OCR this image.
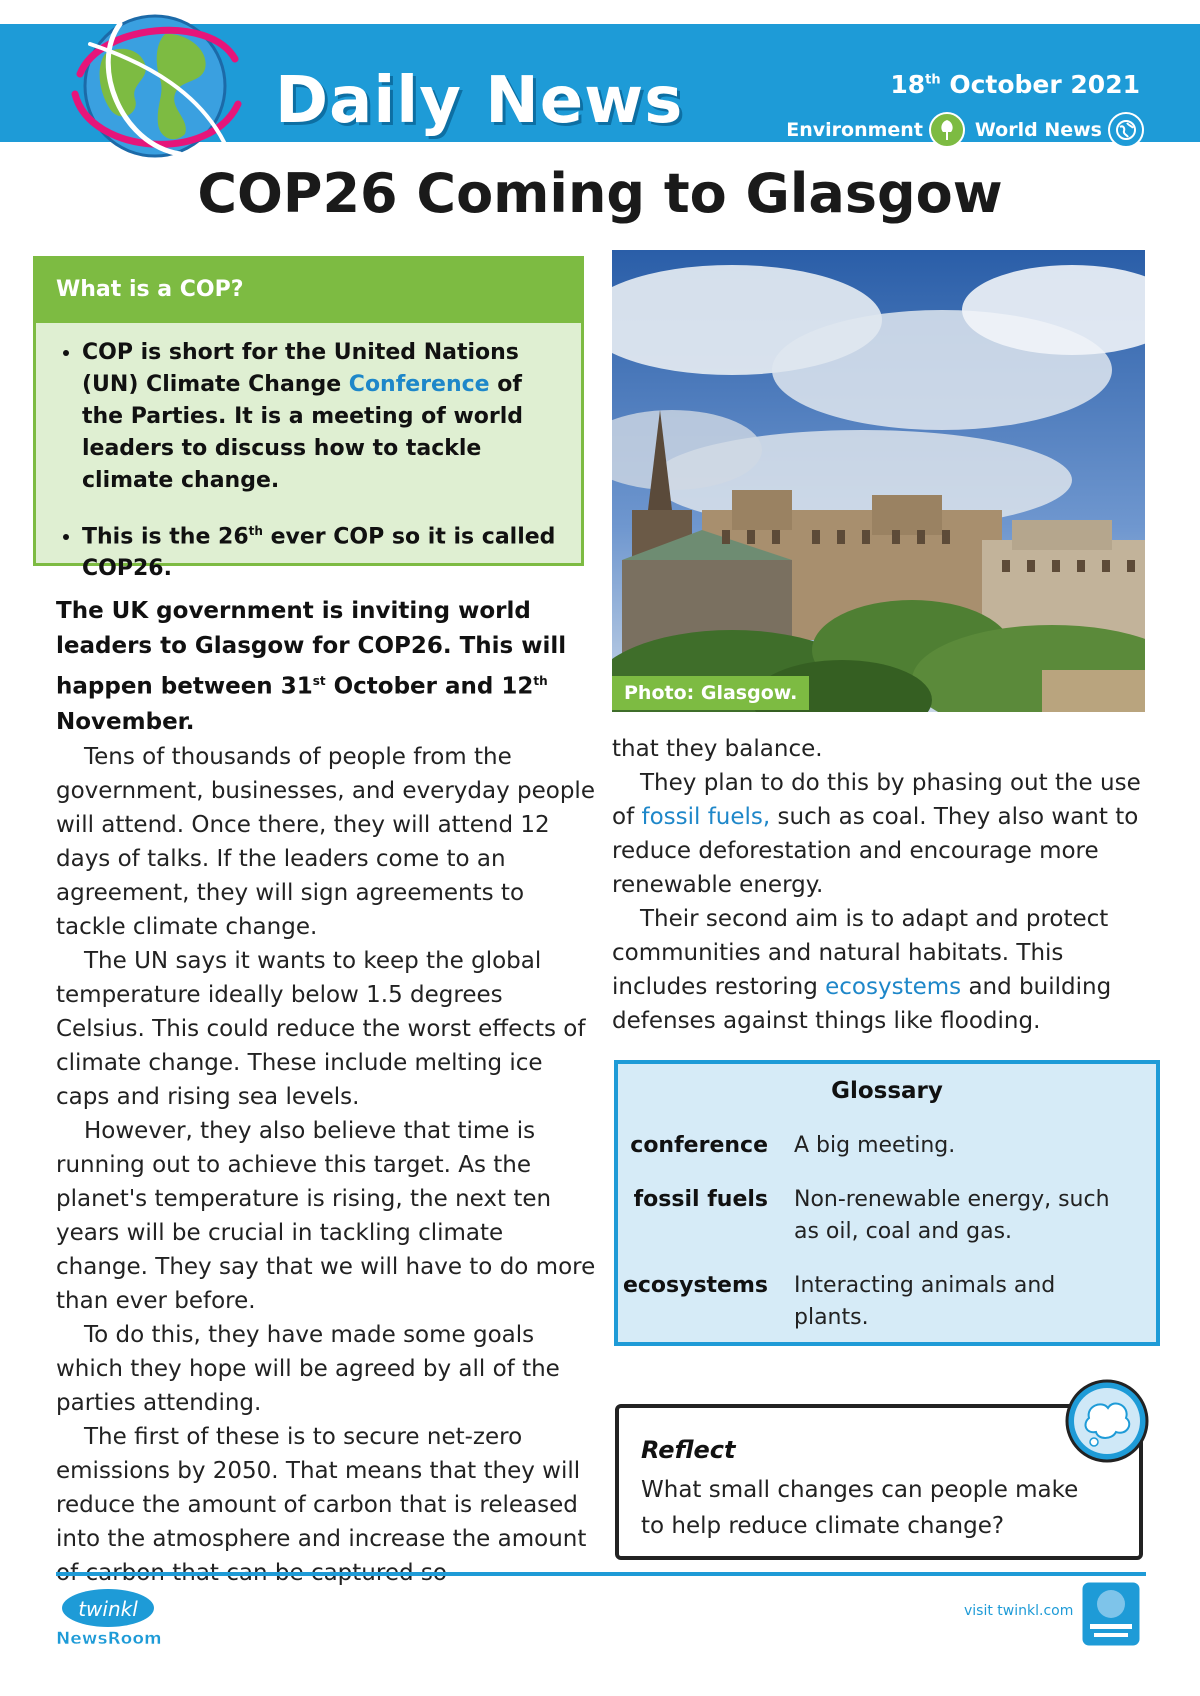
Daily News	18th October 2021
Environment	World News
COP26 Coming to Glasgow
What is a COP?
• COP is short for the United Nations (UN) Climate Change Conference of the Parties. It is a meeting of world leaders to discuss how to tackle climate change.
• This is the 26th ever COP so it is called COP26.

The UK government is inviting world leaders to Glasgow for COP26. This will happen between 31st October and 12th November.

Tens of thousands of people from the government, businesses, and everyday people will attend. Once there, they will attend 12 days of talks. If the leaders come to an agreement, they will sign agreements to tackle climate change.

The UN says it wants to keep the global temperature ideally below 1.5 degrees Celsius. This could reduce the worst effects of climate change. These include melting ice caps and rising sea levels.

However, they also believe that time is running out to achieve this target. As the planet's temperature is rising, the next ten years will be crucial in tackling climate change. They say that we will have to do more than ever before.

To do this, they have made some goals which they hope will be agreed by all of the parties attending.

The first of these is to secure net-zero emissions by 2050. That means that they will reduce the amount of carbon that is released into the atmosphere and increase the amount

Photo: Glasgow.

that they balance.

They plan to do this by phasing out the use of fossil fuels, such as coal. They also want to reduce deforestation and encourage more renewable energy.

Their second aim is to adapt and protect communities and natural habitats. This includes restoring ecosystems and building defenses against things like flooding.

Glossary
conference A big meeting.
fossil fuels Non-renewable energy, such as oil, coal and gas.
ecosystems Interacting animals and plants.
Reflect
What small changes can people make to help reduce climate change?
twinkl
NewsRoom
visit twinkl.com
